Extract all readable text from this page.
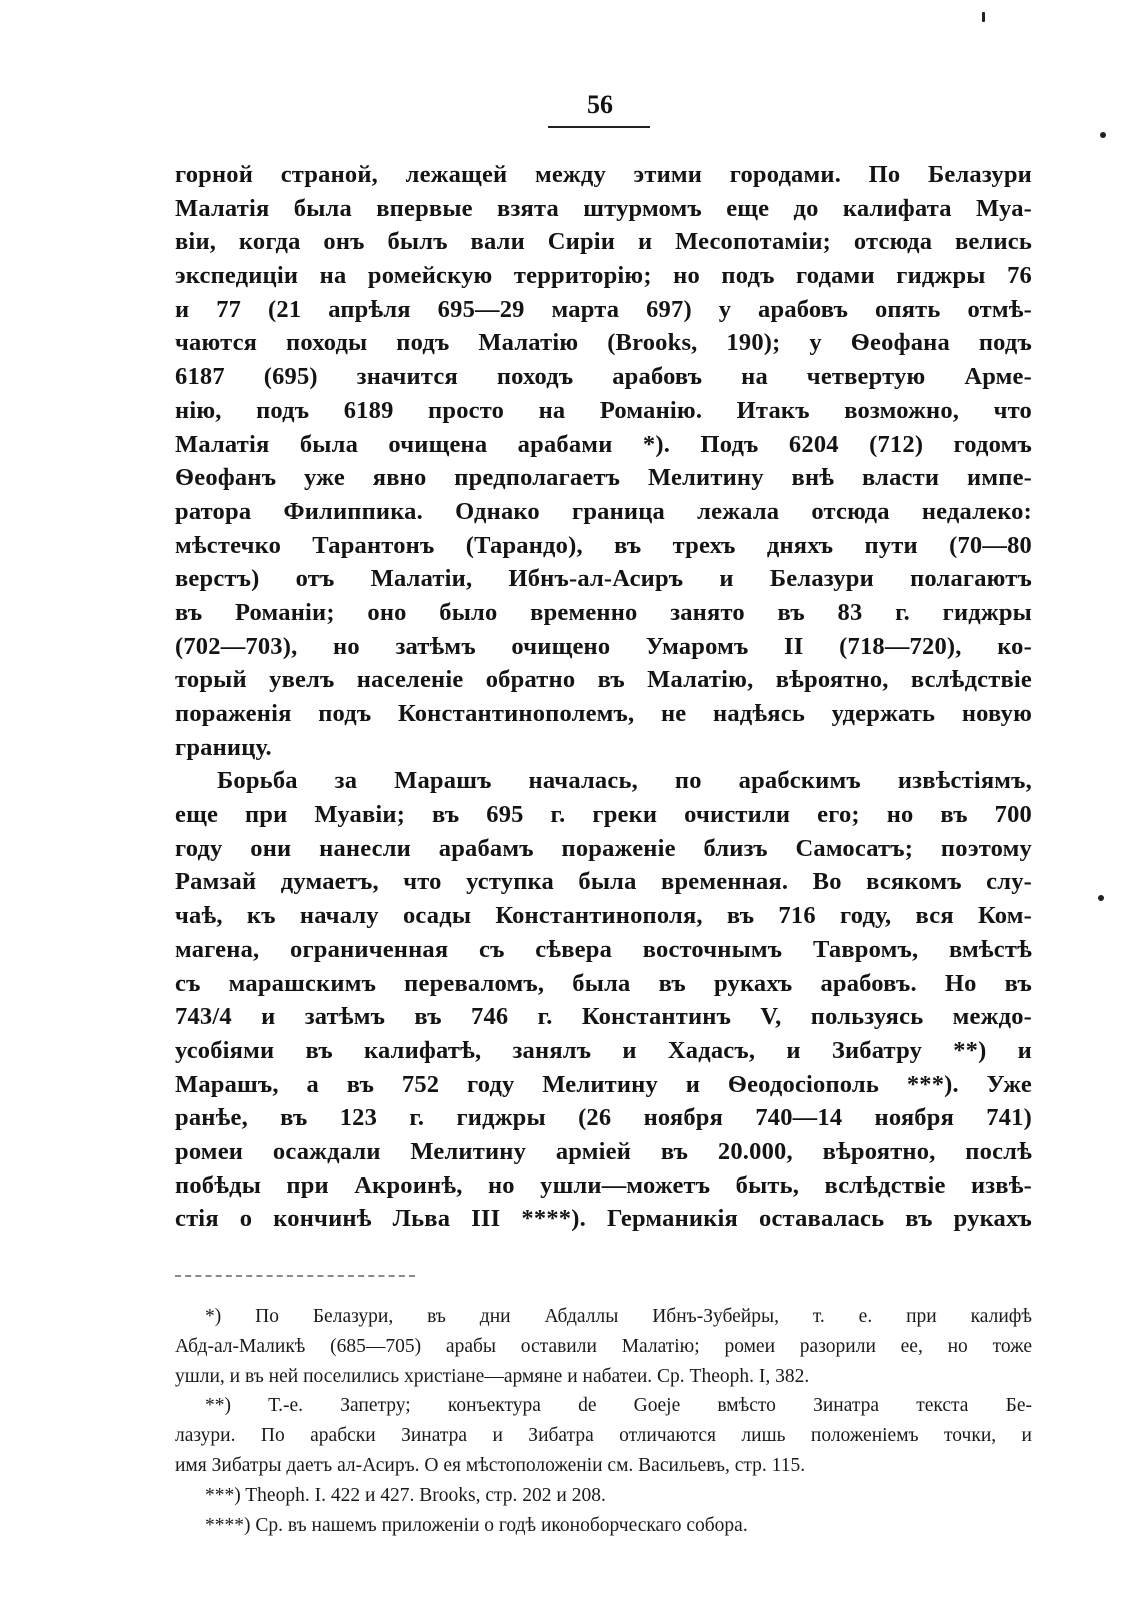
56
горной страной, лежащей между этими городами. По Белазури
Малатія была впервые взята штурмомъ еще до калифата Муа-
віи, когда онъ былъ вали Сиріи и Месопотаміи; отсюда велись
экспедиціи на ромейскую территорію; но подъ годами гиджры 76
и 77 (21 апрѣля 695—29 марта 697) у арабовъ опять отмѣ-
чаются походы подъ Малатію (Brooks, 190); у Ѳеофана подъ
6187 (695) значится походъ арабовъ на четвертую Арме-
нію, подъ 6189 просто на Романію. Итакъ возможно, что
Малатія была очищена арабами *). Подъ 6204 (712) годомъ
Ѳеофанъ уже явно предполагаетъ Мелитину внѣ власти импе-
ратора Филиппика. Однако граница лежала отсюда недалеко:
мѣстечко Тарантонъ (Тарандо), въ трехъ дняхъ пути (70—80
верстъ) отъ Малатіи, Ибнъ-ал-Асиръ и Белазури полагаютъ
въ Романіи; оно было временно занято въ 83 г. гиджры
(702—703), но затѣмъ очищено Умаромъ II (718—720), ко-
торый увелъ населеніе обратно въ Малатію, вѣроятно, вслѣдствіе
пораженія подъ Константинополемъ, не надѣясь удержать новую
границу.
Борьба за Марашъ началась, по арабскимъ извѣстіямъ,
еще при Муавіи; въ 695 г. греки очистили его; но въ 700
году они нанесли арабамъ пораженіе близъ Самосатъ; поэтому
Рамзай думаетъ, что уступка была временная. Во всякомъ слу-
чаѣ, къ началу осады Константинополя, въ 716 году, вся Ком-
магена, ограниченная съ сѣвера восточнымъ Тавромъ, вмѣстѣ
съ марашскимъ переваломъ, была въ рукахъ арабовъ. Но въ
743/4 и затѣмъ въ 746 г. Константинъ V, пользуясь междо-
усобіями въ калифатѣ, занялъ и Хадасъ, и Зибатру **) и
Марашъ, а въ 752 году Мелитину и Ѳеодосіополь ***). Уже
ранѣе, въ 123 г. гиджры (26 ноября 740—14 ноября 741)
ромеи осаждали Мелитину арміей въ 20.000, вѣроятно, послѣ
побѣды при Акроинѣ, но ушли—можетъ быть, вслѣдствіе извѣ-
стія о кончинѣ Льва III ****). Германикія оставалась въ рукахъ
*) По Белазури, въ дни Абдаллы Ибнъ-Зубейры, т. е. при калифѣ
Абд-ал-Маликѣ (685—705) арабы оставили Малатію; ромеи разорили ее, но тоже
ушли, и въ ней поселились христіане—армяне и набатеи. Ср. Theoph. I, 382.
**) Т.-е. Запетру; конъектура de Goeje вмѣсто Зинатра текста Бе-
лазури. По арабски Зинатра и Зибатра отличаются лишь положеніемъ точки, и
имя Зибатры даетъ ал-Асиръ. О ея мѣстоположеніи см. Васильевъ, стр. 115.
***) Theoph. I. 422 и 427. Brooks, стр. 202 и 208.
****) Ср. въ нашемъ приложеніи о годѣ иконоборческаго собора.
